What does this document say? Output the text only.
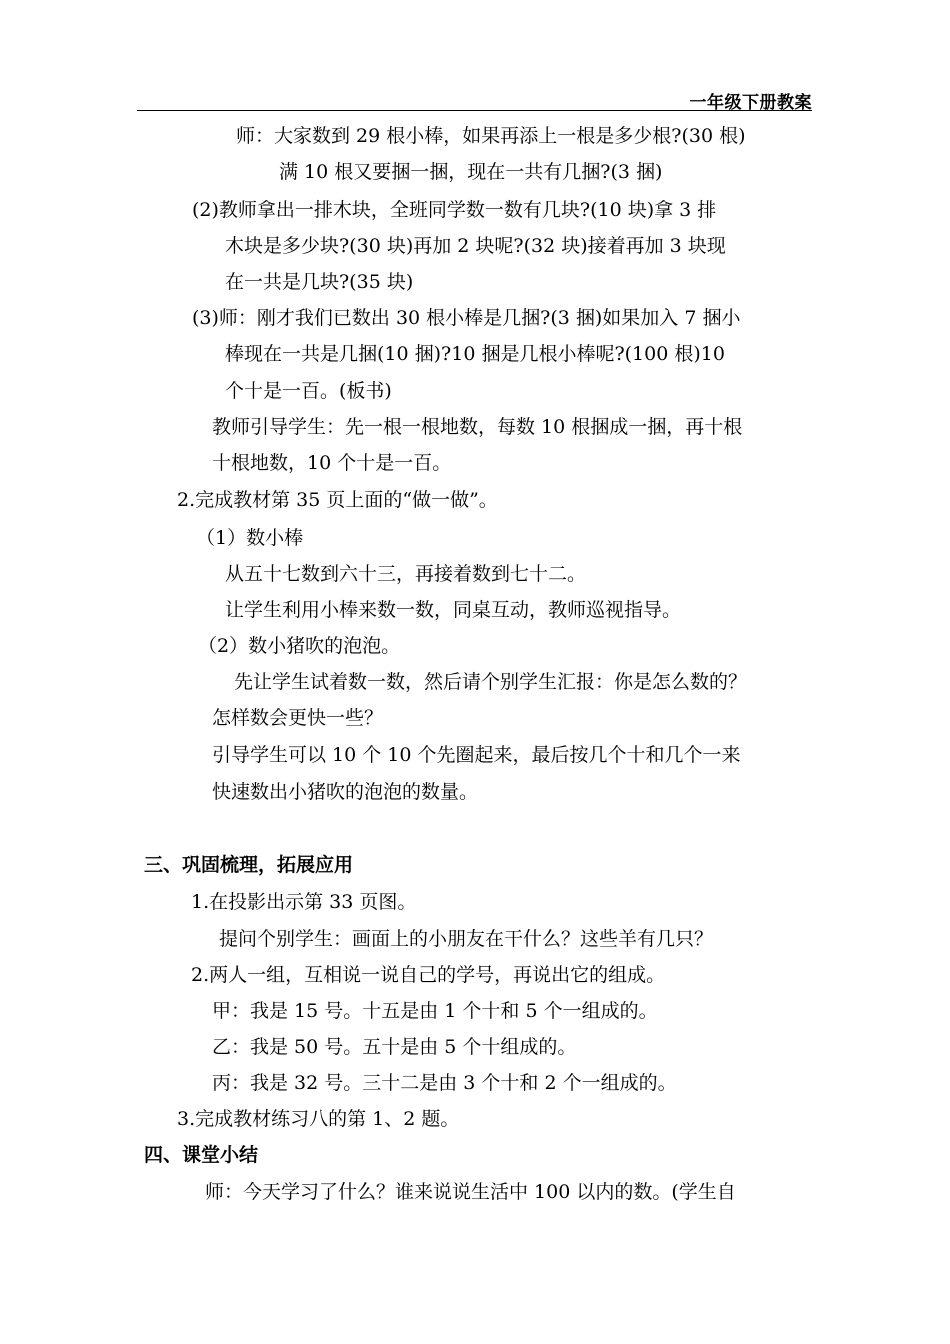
一年级下册教案
师：大家数到 29 根小棒，如果再添上一根是多少根?(30 根)
满 10 根又要捆一捆，现在一共有几捆?(3 捆)
(2)教师拿出一排木块，全班同学数一数有几块?(10 块)拿 3 排
木块是多少块?(30 块)再加 2 块呢?(32 块)接着再加 3 块现
在一共是几块?(35 块)
(3)师：刚才我们已数出 30 根小棒是几捆?(3 捆)如果加入 7 捆小
棒现在一共是几捆(10 捆)?10 捆是几根小棒呢?(100 根)10
个十是一百。(板书)
教师引导学生：先一根一根地数，每数 10 根捆成一捆，再十根
十根地数，10 个十是一百。
2.完成教材第 35 页上面的“做一做”。
（1）数小棒
从五十七数到六十三，再接着数到七十二。
让学生利用小棒来数一数，同桌互动，教师巡视指导。
（2）数小猪吹的泡泡。
先让学生试着数一数，然后请个别学生汇报：你是怎么数的？
怎样数会更快一些？
引导学生可以 10 个 10 个先圈起来，最后按几个十和几个一来
快速数出小猪吹的泡泡的数量。
三、巩固梳理，拓展应用
1.在投影出示第 33 页图。
提问个别学生：画面上的小朋友在干什么？这些羊有几只？
2.两人一组，互相说一说自己的学号，再说出它的组成。
甲：我是 15 号。十五是由 1 个十和 5 个一组成的。
乙：我是 50 号。五十是由 5 个十组成的。
丙：我是 32 号。三十二是由 3 个十和 2 个一组成的。
3.完成教材练习八的第 1、2 题。
四、课堂小结
师：今天学习了什么？谁来说说生活中 100 以内的数。(学生自
